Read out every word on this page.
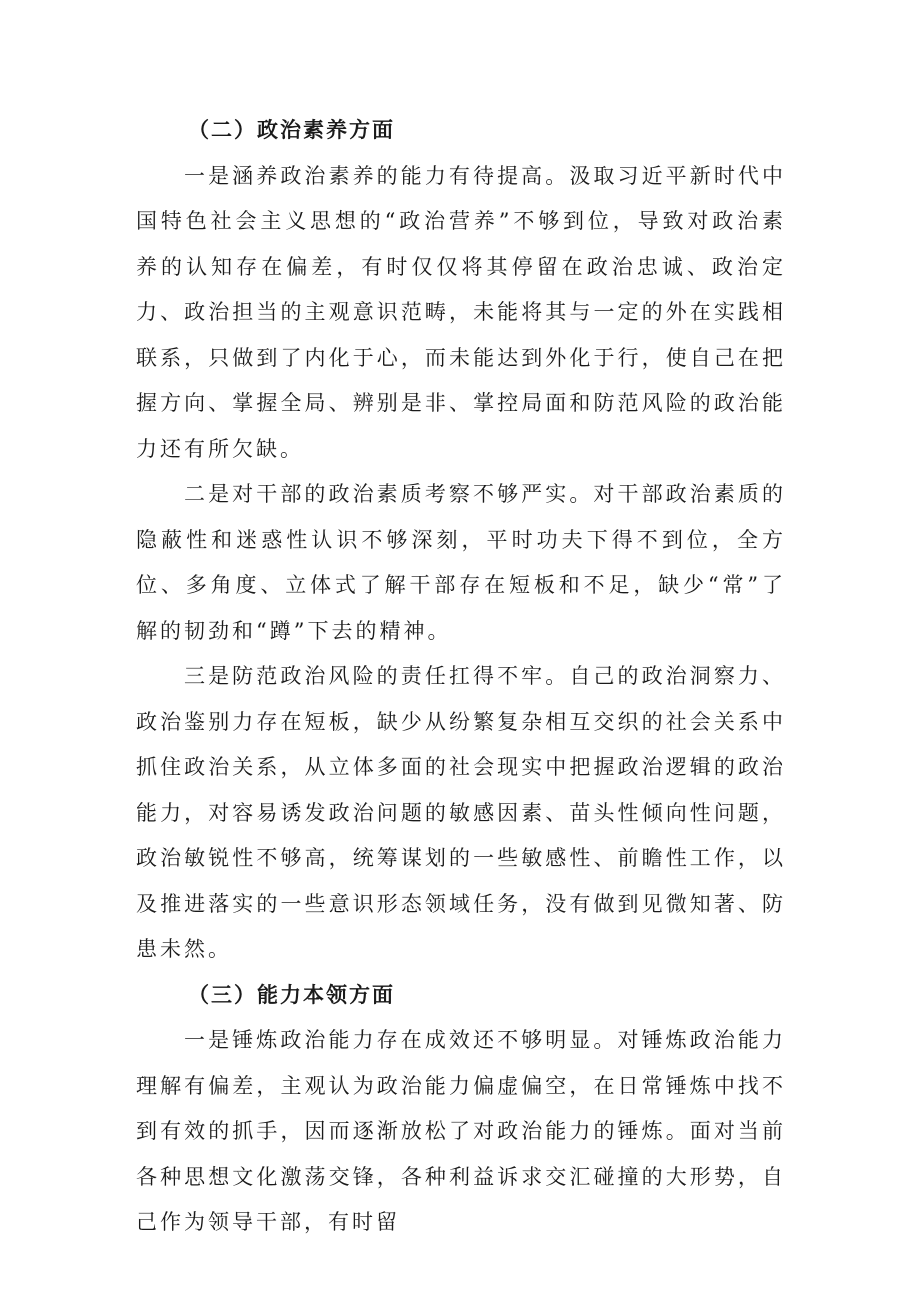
（二）政治素养方面

一是涵养政治素养的能力有待提高。汲取习近平新时代中国特色社会主义思想的“政治营养”不够到位，导致对政治素养的认知存在偏差，有时仅仅将其停留在政治忠诚、政治定力、政治担当的主观意识范畴，未能将其与一定的外在实践相联系，只做到了内化于心，而未能达到外化于行，使自己在把握方向、掌握全局、辨别是非、掌控局面和防范风险的政治能力还有所欠缺。

二是对干部的政治素质考察不够严实。对干部政治素质的隐蔽性和迷惑性认识不够深刻，平时功夫下得不到位，全方位、多角度、立体式了解干部存在短板和不足，缺少“常”了解的韧劲和“蹲”下去的精神。

三是防范政治风险的责任扛得不牢。自己的政治洞察力、政治鉴别力存在短板，缺少从纷繁复杂相互交织的社会关系中抓住政治关系，从立体多面的社会现实中把握政治逻辑的政治能力，对容易诱发政治问题的敏感因素、苗头性倾向性问题，政治敏锐性不够高，统筹谋划的一些敏感性、前瞻性工作，以及推进落实的一些意识形态领域任务，没有做到见微知著、防患未然。

（三）能力本领方面

一是锤炼政治能力存在成效还不够明显。对锤炼政治能力理解有偏差，主观认为政治能力偏虚偏空，在日常锤炼中找不到有效的抓手，因而逐渐放松了对政治能力的锤炼。面对当前各种思想文化激荡交锋，各种利益诉求交汇碰撞的大形势，自己作为领导干部，有时留
